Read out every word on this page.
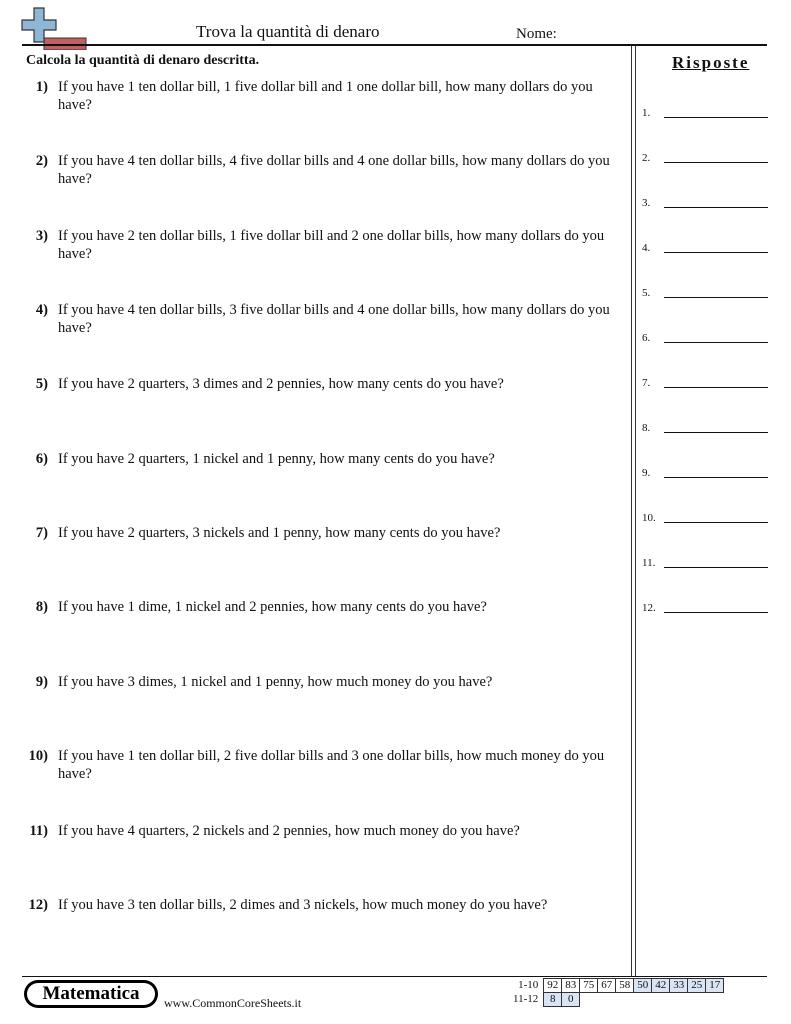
Trova la quantità di denaro	Nome:
Calcola la quantità di denaro descritta.
1) If you have 1 ten dollar bill, 1 five dollar bill and 1 one dollar bill, how many dollars do you have?
2) If you have 4 ten dollar bills, 4 five dollar bills and 4 one dollar bills, how many dollars do you have?
3) If you have 2 ten dollar bills, 1 five dollar bill and 2 one dollar bills, how many dollars do you have?
4) If you have 4 ten dollar bills, 3 five dollar bills and 4 one dollar bills, how many dollars do you have?
5) If you have 2 quarters, 3 dimes and 2 pennies, how many cents do you have?
6) If you have 2 quarters, 1 nickel and 1 penny, how many cents do you have?
7) If you have 2 quarters, 3 nickels and 1 penny, how many cents do you have?
8) If you have 1 dime, 1 nickel and 2 pennies, how many cents do you have?
9) If you have 3 dimes, 1 nickel and 1 penny, how much money do you have?
10) If you have 1 ten dollar bill, 2 five dollar bills and 3 one dollar bills, how much money do you have?
11) If you have 4 quarters, 2 nickels and 2 pennies, how much money do you have?
12) If you have 3 ten dollar bills, 2 dimes and 3 nickels, how much money do you have?
Risposte
1.
2.
3.
4.
5.
6.
7.
8.
9.
10.
11.
12.
Matematica	www.CommonCoreSheets.it
1-10	92	83	75	67	58	50	42	33	25	17
11-12	8	0								
